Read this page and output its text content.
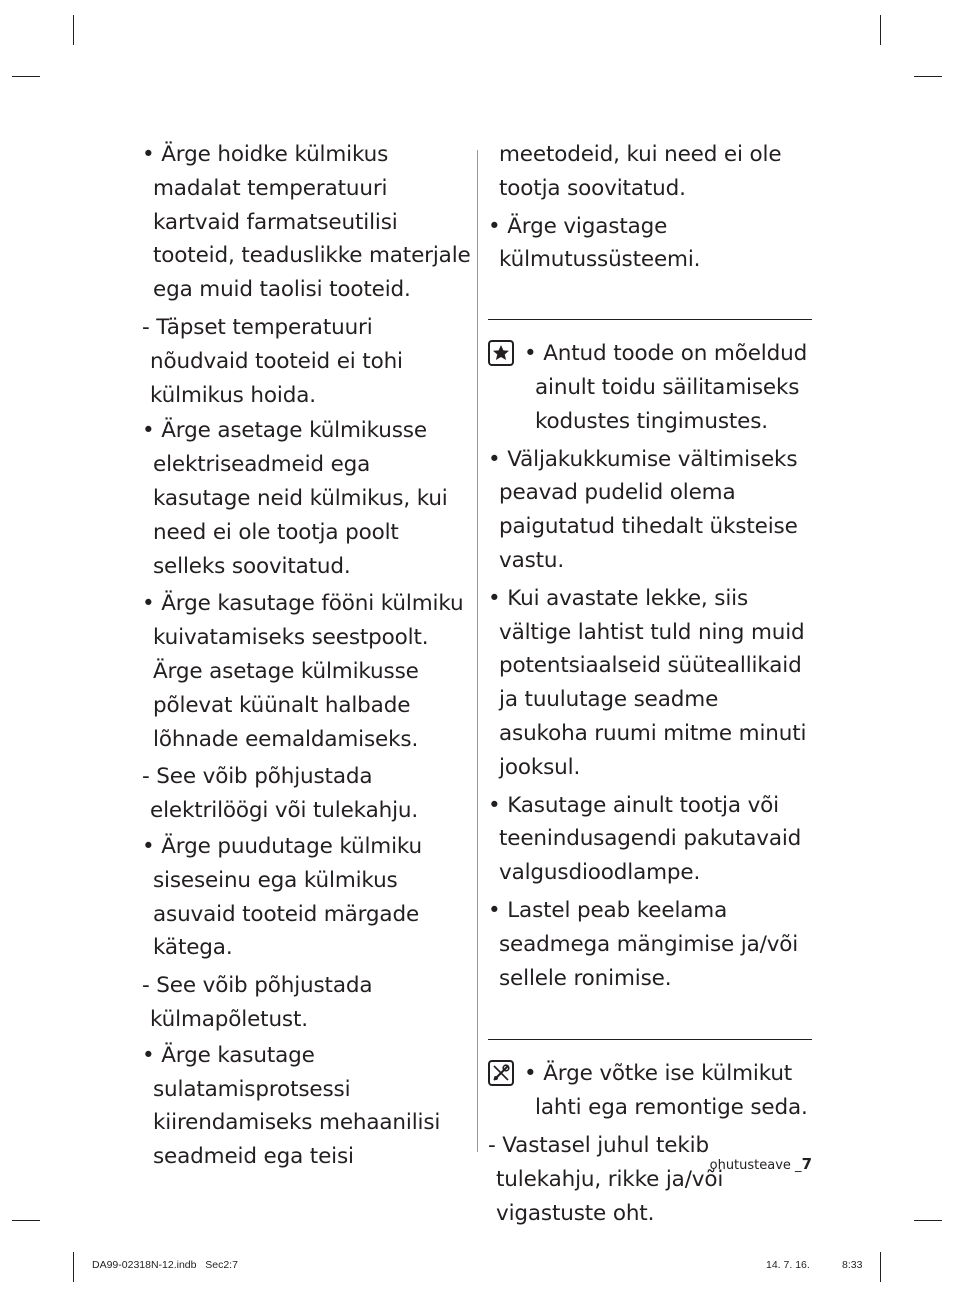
• Ärge hoidke külmikus madalat temperatuuri kartvaid farmatseutilisi tooteid, teaduslikke materjale ega muid taolisi tooteid.

- Täpset temperatuuri nõudvaid tooteid ei tohi külmikus hoida.

• Ärge asetage külmikusse elektriseadmeid ega kasutage neid külmikus, kui need ei ole tootja poolt selleks soovitatud.

• Ärge kasutage fööni külmiku kuivatamiseks seestpoolt. Ärge asetage külmikusse põlevat küünalt halbade lõhnade eemaldamiseks.

- See võib põhjustada elektrilöögi või tulekahju.

• Ärge puudutage külmiku siseseinu ega külmikus asuvaid tooteid märgade kätega.

- See võib põhjustada külmapõletust.

• Ärge kasutage sulatamisprotsessi kiirendamiseks mehaanilisi seadmeid ega teisi

meetodeid, kui need ei ole tootja soovitatud.

• Ärge vigastage külmutussüsteemi.

• Antud toode on mõeldud ainult toidu säilitamiseks kodustes tingimustes.

• Väljakukkumise vältimiseks peavad pudelid olema paigutatud tihedalt üksteise vastu.

• Kui avastate lekke, siis vältige lahtist tuld ning muid potentsiaalseid süüteallikaid ja tuulutage seadme asukoha ruumi mitme minuti jooksul.

• Kasutage ainult tootja või teenindusagendi pakutavaid valgusdioodlampe.

• Lastel peab keelama seadmega mängimise ja/või sellele ronimise.

• Ärge võtke ise külmikut lahti ega remontige seda.

- Vastasel juhul tekib tulekahju, rikke ja/või vigastuste oht.

ohutusteave _7
DA99-02318N-12.indb   Sec2:7	14. 7. 16.	8:33
